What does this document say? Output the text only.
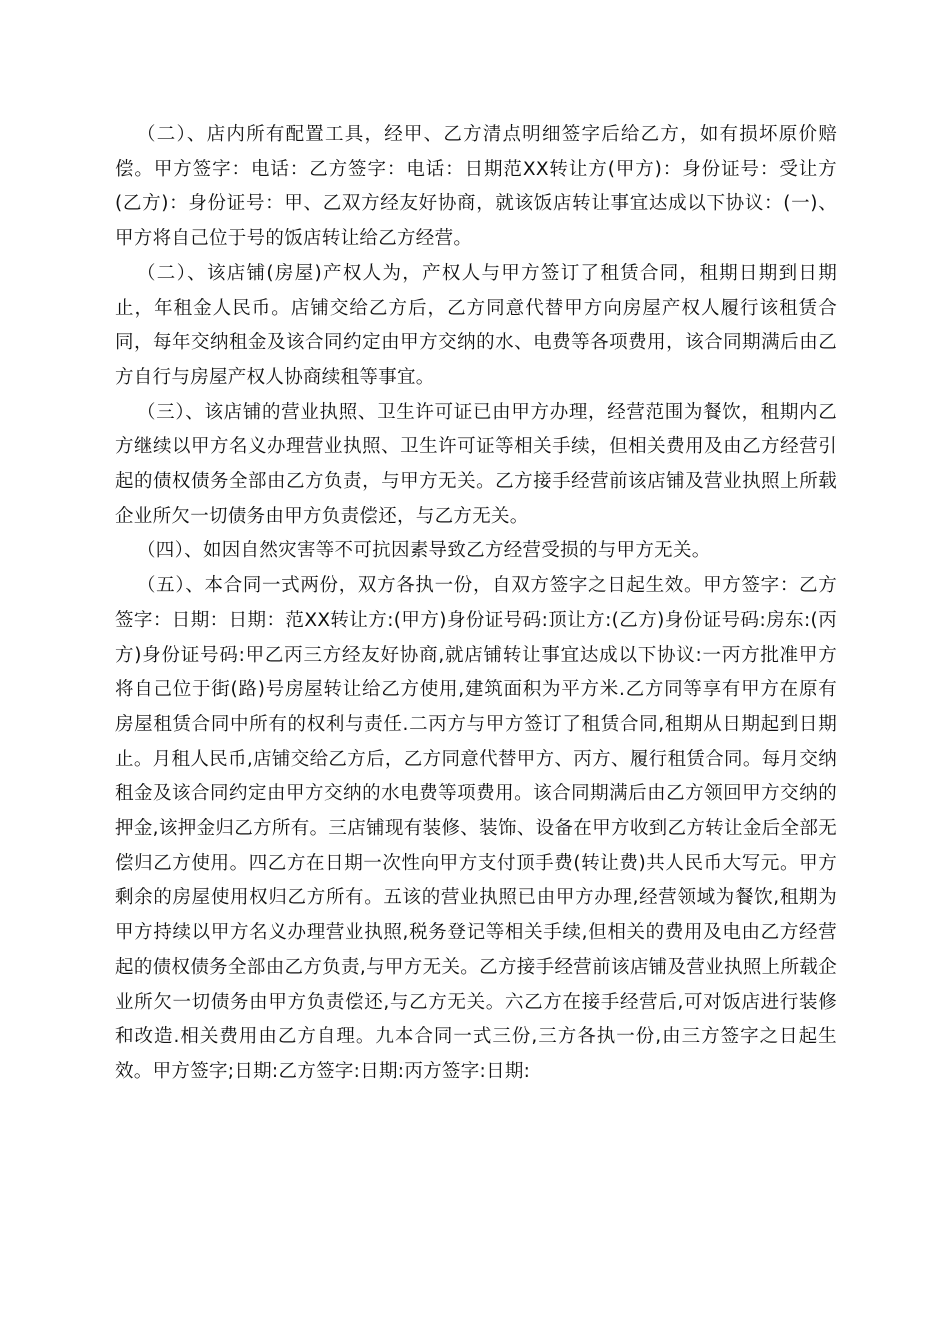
（二）、店内所有配置工具，经甲、乙方清点明细签字后给乙方，如有损坏原价赔偿。甲方签字：电话：乙方签字：电话：日期范XX转让方(甲方)：身份证号：受让方(乙方)：身份证号：甲、乙双方经友好协商，就该饭店转让事宜达成以下协议：(一)、甲方将自己位于号的饭店转让给乙方经营。

（二）、该店铺(房屋)产权人为，产权人与甲方签订了租赁合同，租期日期到日期止，年租金人民币。店铺交给乙方后，乙方同意代替甲方向房屋产权人履行该租赁合同，每年交纳租金及该合同约定由甲方交纳的水、电费等各项费用，该合同期满后由乙方自行与房屋产权人协商续租等事宜。

（三）、该店铺的营业执照、卫生许可证已由甲方办理，经营范围为餐饮，租期内乙方继续以甲方名义办理营业执照、卫生许可证等相关手续，但相关费用及由乙方经营引起的债权债务全部由乙方负责，与甲方无关。乙方接手经营前该店铺及营业执照上所载企业所欠一切债务由甲方负责偿还，与乙方无关。

（四）、如因自然灾害等不可抗因素导致乙方经营受损的与甲方无关。

（五）、本合同一式两份，双方各执一份，自双方签字之日起生效。甲方签字：乙方签字：日期：日期：范XX转让方:(甲方)身份证号码:顶让方:(乙方)身份证号码:房东:(丙方)身份证号码:甲乙丙三方经友好协商,就店铺转让事宜达成以下协议:一丙方批准甲方将自己位于街(路)号房屋转让给乙方使用,建筑面积为平方米.乙方同等享有甲方在原有房屋租赁合同中所有的权利与责任.二丙方与甲方签订了租赁合同,租期从日期起到日期止。月租人民币,店铺交给乙方后，乙方同意代替甲方、丙方、履行租赁合同。每月交纳租金及该合同约定由甲方交纳的水电费等项费用。该合同期满后由乙方领回甲方交纳的押金,该押金归乙方所有。三店铺现有装修、装饰、设备在甲方收到乙方转让金后全部无偿归乙方使用。四乙方在日期一次性向甲方支付顶手费(转让费)共人民币大写元。甲方剩余的房屋使用权归乙方所有。五该的营业执照已由甲方办理,经营领域为餐饮,租期为甲方持续以甲方名义办理营业执照,税务登记等相关手续,但相关的费用及电由乙方经营起的债权债务全部由乙方负责,与甲方无关。乙方接手经营前该店铺及营业执照上所载企业所欠一切债务由甲方负责偿还,与乙方无关。六乙方在接手经营后,可对饭店进行装修和改造.相关费用由乙方自理。九本合同一式三份,三方各执一份,由三方签字之日起生效。甲方签字;日期:乙方签字:日期:丙方签字:日期:
